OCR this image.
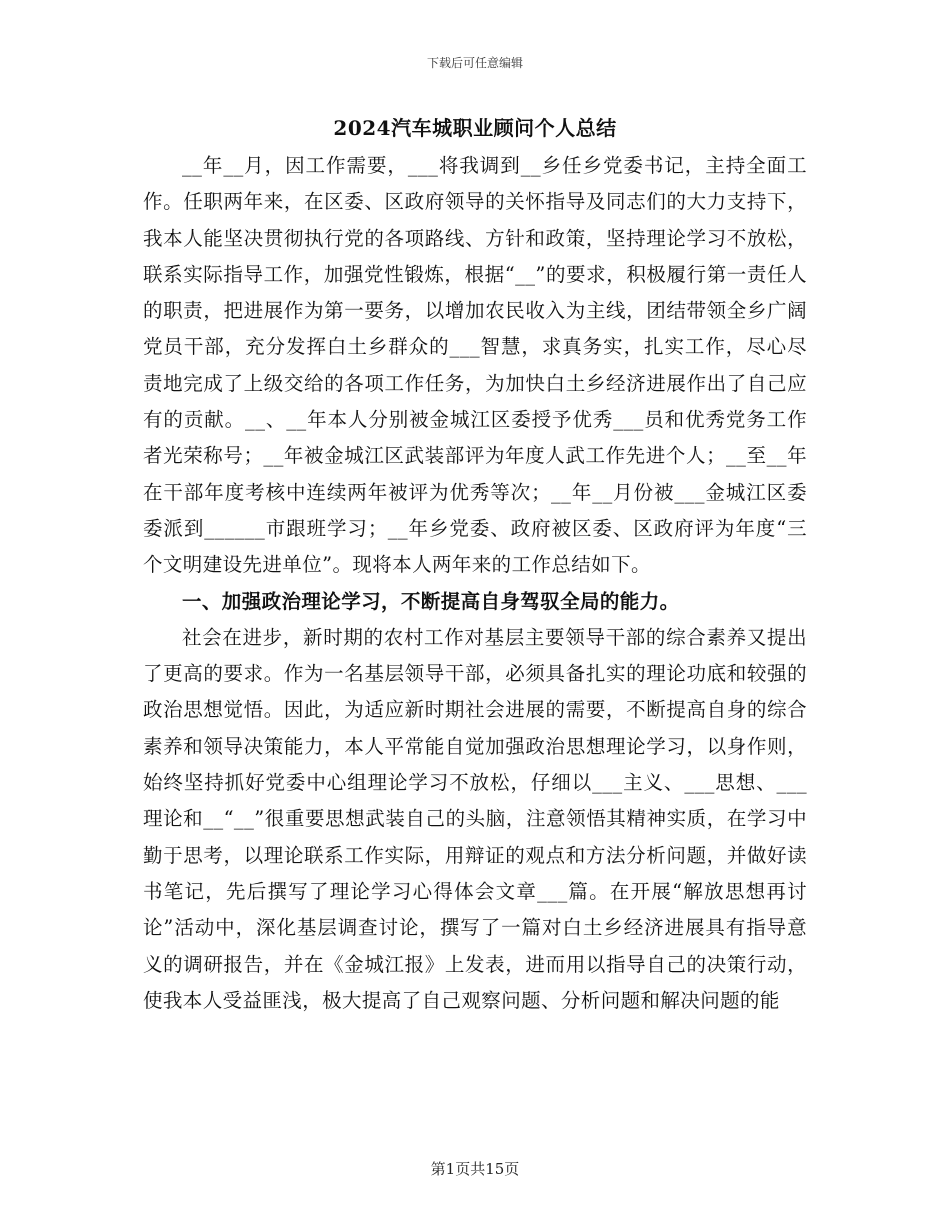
下载后可任意编辑
2024汽车城职业顾问个人总结

__年__月，因工作需要，___将我调到__乡任乡党委书记，主持全面工作。任职两年来，在区委、区政府领导的关怀指导及同志们的大力支持下，我本人能坚决贯彻执行党的各项路线、方针和政策，坚持理论学习不放松，联系实际指导工作，加强党性锻炼，根据“__”的要求，积极履行第一责任人的职责，把进展作为第一要务，以增加农民收入为主线，团结带领全乡广阔党员干部，充分发挥白土乡群众的___智慧，求真务实，扎实工作，尽心尽责地完成了上级交给的各项工作任务，为加快白土乡经济进展作出了自己应有的贡献。__、__年本人分别被金城江区委授予优秀___员和优秀党务工作者光荣称号；__年被金城江区武装部评为年度人武工作先进个人；__至__年在干部年度考核中连续两年被评为优秀等次；__年__月份被___金城江区委委派到______市跟班学习；__年乡党委、政府被区委、区政府评为年度“三个文明建设先进单位”。现将本人两年来的工作总结如下。

一、加强政治理论学习，不断提高自身驾驭全局的能力。

社会在进步，新时期的农村工作对基层主要领导干部的综合素养又提出了更高的要求。作为一名基层领导干部，必须具备扎实的理论功底和较强的政治思想觉悟。因此，为适应新时期社会进展的需要，不断提高自身的综合素养和领导决策能力，本人平常能自觉加强政治思想理论学习，以身作则，始终坚持抓好党委中心组理论学习不放松，仔细以___主义、___思想、___理论和__“__”很重要思想武装自己的头脑，注意领悟其精神实质，在学习中勤于思考，以理论联系工作实际，用辩证的观点和方法分析问题，并做好读书笔记，先后撰写了理论学习心得体会文章___篇。在开展“解放思想再讨论”活动中，深化基层调查讨论，撰写了一篇对白土乡经济进展具有指导意义的调研报告，并在《金城江报》上发表，进而用以指导自己的决策行动，使我本人受益匪浅，极大提高了自己观察问题、分析问题和解决问题的能

第1页共15页
